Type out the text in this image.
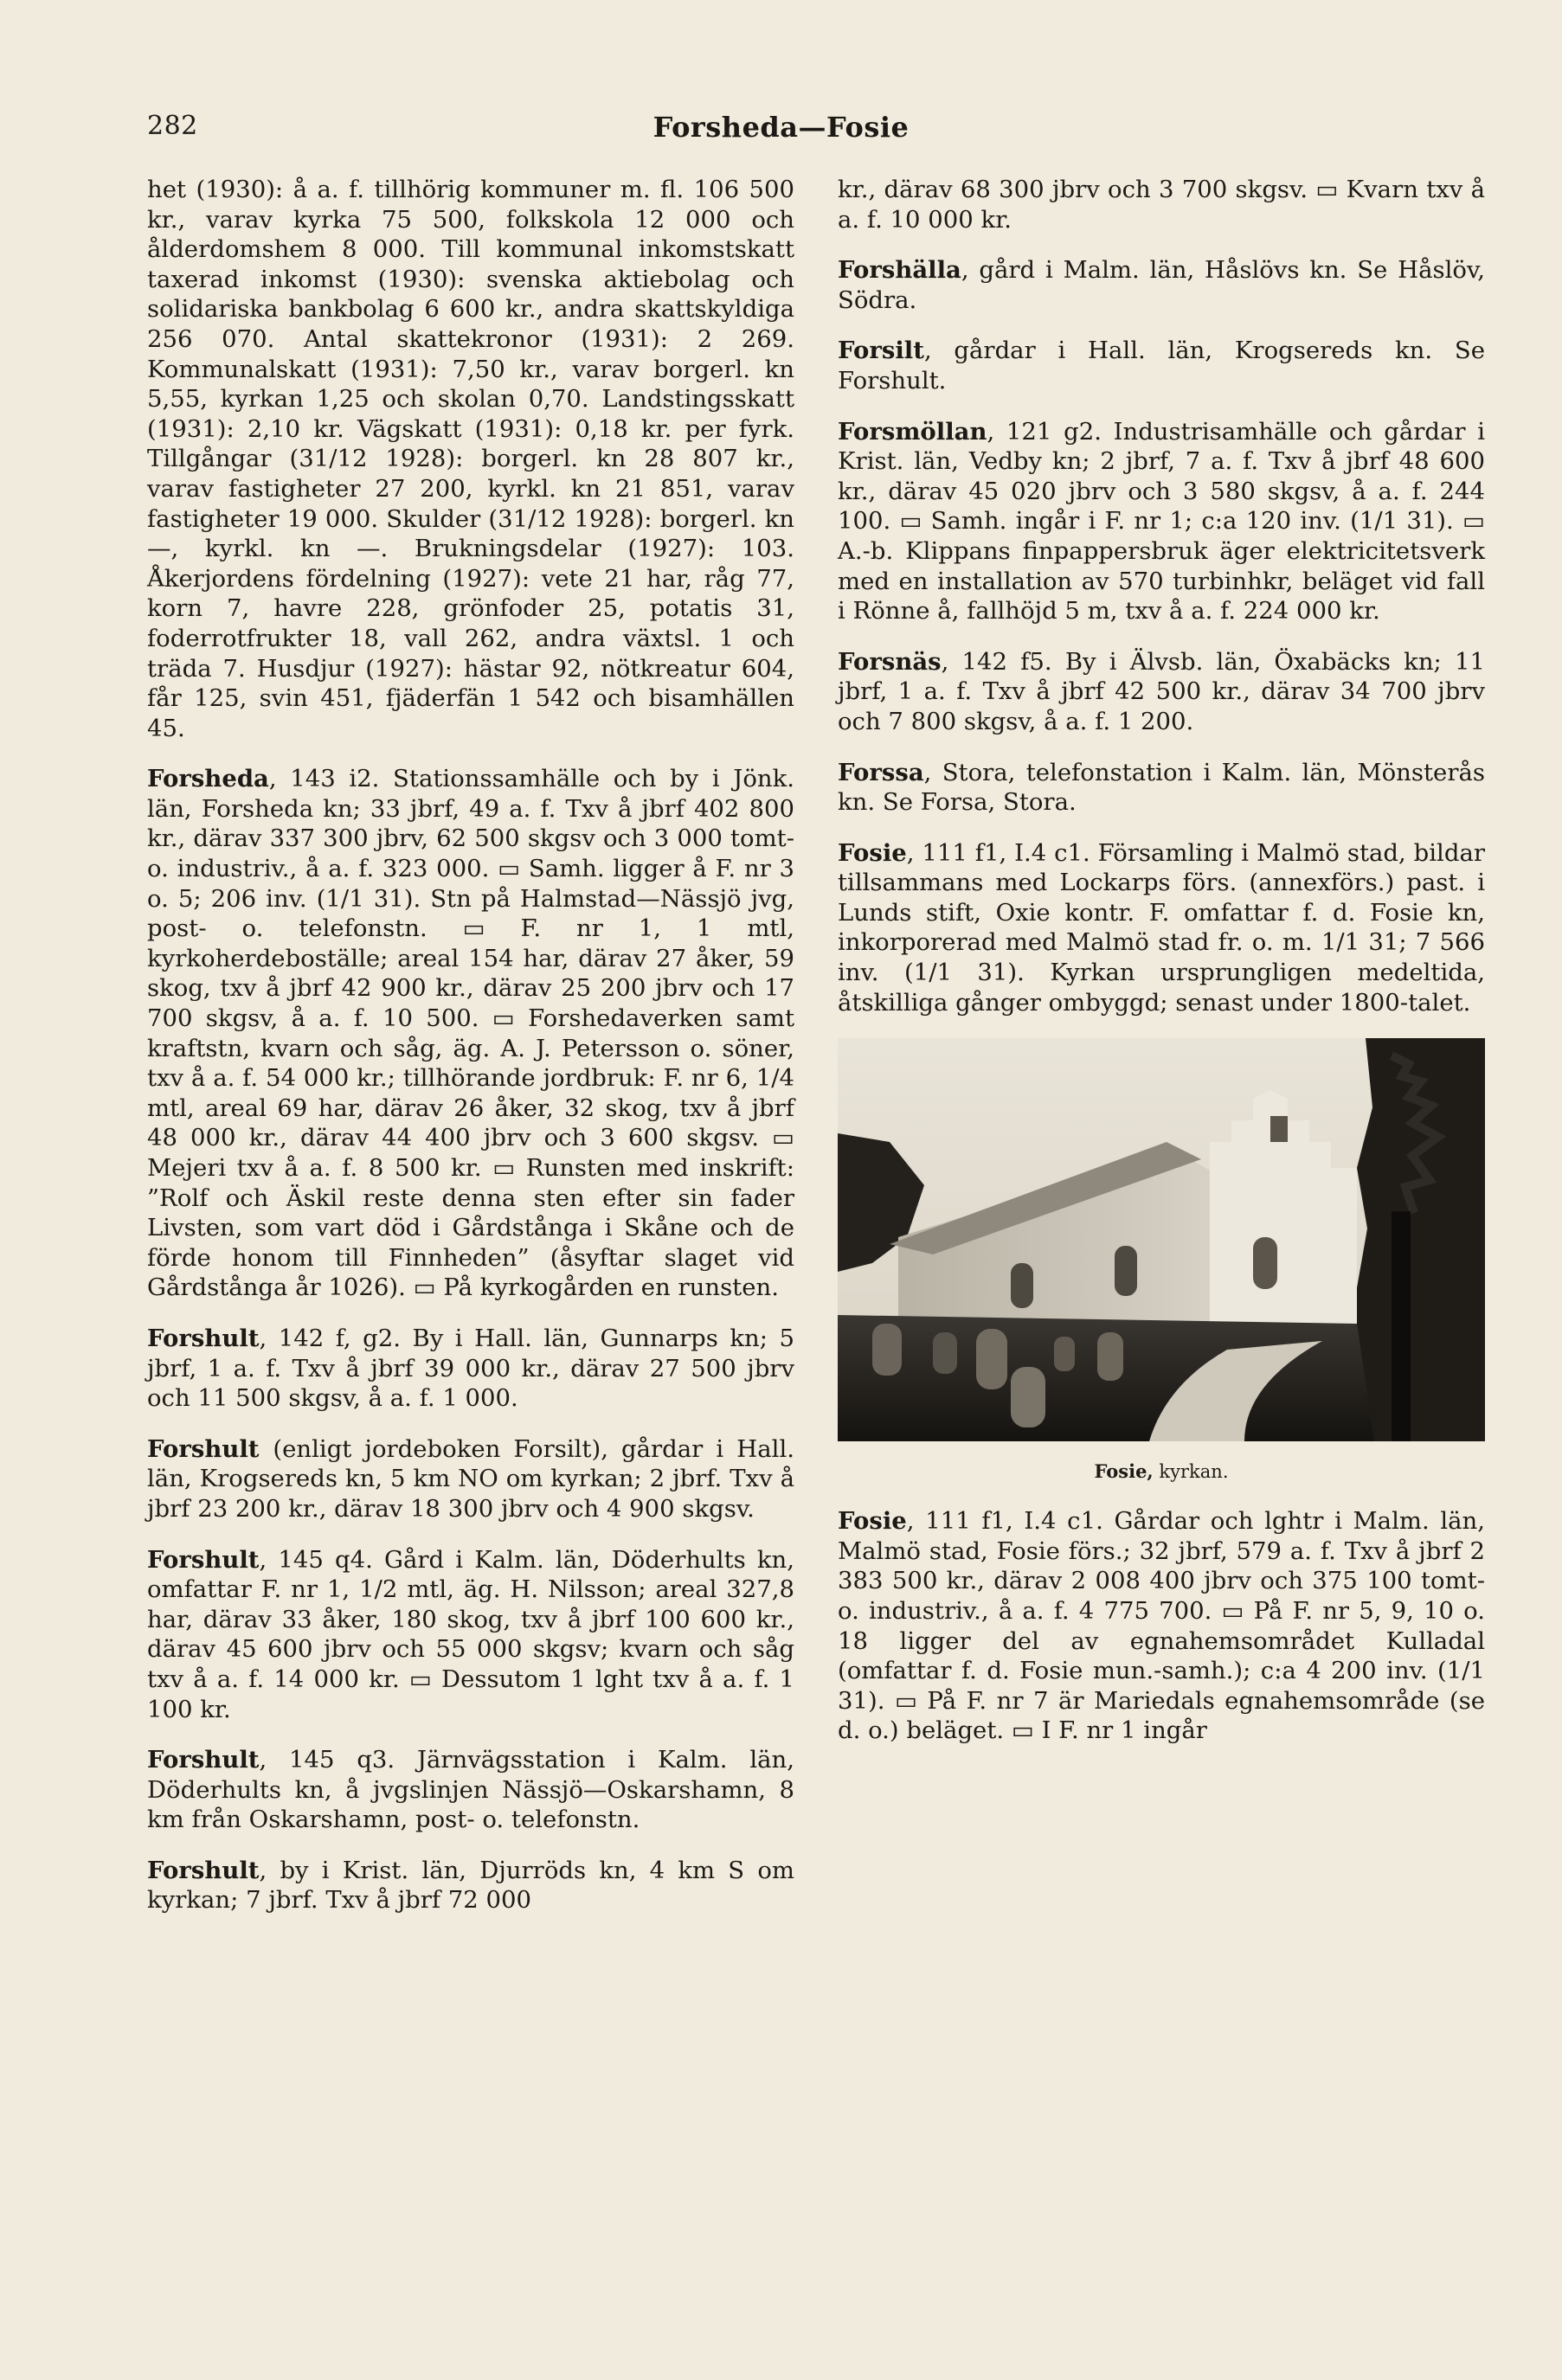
282	Forsheda—Fosie

het (1930): å a. f. tillhörig kommuner m. fl. 106 500 kr., varav kyrka 75 500, folkskola 12 000 och ålderdomshem 8 000. Till kommunal inkomstskatt taxerad inkomst (1930): svenska aktiebolag och solidariska bankbolag 6 600 kr., andra skattskyldiga 256 070. Antal skattekronor (1931): 2 269. Kommunalskatt (1931): 7,50 kr., varav borgerl. kn 5,55, kyrkan 1,25 och skolan 0,70. Landstingsskatt (1931): 2,10 kr. Vägskatt (1931): 0,18 kr. per fyrk. Tillgångar (31/12 1928): borgerl. kn 28 807 kr., varav fastigheter 27 200, kyrkl. kn 21 851, varav fastigheter 19 000. Skulder (31/12 1928): borgerl. kn —, kyrkl. kn —. Brukningsdelar (1927): 103. Åkerjordens fördelning (1927): vete 21 har, råg 77, korn 7, havre 228, grönfoder 25, potatis 31, foderrotfrukter 18, vall 262, andra växtsl. 1 och träda 7. Husdjur (1927): hästar 92, nötkreatur 604, får 125, svin 451, fjäderfän 1 542 och bisamhällen 45.

Forsheda, 143 i2. Stationssamhälle och by i Jönk. län, Forsheda kn; 33 jbrf, 49 a. f. Txv å jbrf 402 800 kr., därav 337 300 jbrv, 62 500 skgsv och 3 000 tomt- o. industriv., å a. f. 323 000. ▭ Samh. ligger å F. nr 3 o. 5; 206 inv. (1/1 31). Stn på Halmstad—Nässjö jvg, post- o. telefonstn. ▭ F. nr 1, 1 mtl, kyrkoherdeboställe; areal 154 har, därav 27 åker, 59 skog, txv å jbrf 42 900 kr., därav 25 200 jbrv och 17 700 skgsv, å a. f. 10 500. ▭ Forshedaverken samt kraftstn, kvarn och såg, äg. A. J. Petersson o. söner, txv å a. f. 54 000 kr.; tillhörande jordbruk: F. nr 6, 1/4 mtl, areal 69 har, därav 26 åker, 32 skog, txv å jbrf 48 000 kr., därav 44 400 jbrv och 3 600 skgsv. ▭ Mejeri txv å a. f. 8 500 kr. ▭ Runsten med inskrift: ”Rolf och Äskil reste denna sten efter sin fader Livsten, som vart död i Gårdstånga i Skåne och de förde honom till Finnheden” (åsyftar slaget vid Gårdstånga år 1026). ▭ På kyrkogården en runsten.

Forshult, 142 f, g2. By i Hall. län, Gunnarps kn; 5 jbrf, 1 a. f. Txv å jbrf 39 000 kr., därav 27 500 jbrv och 11 500 skgsv, å a. f. 1 000.

Forshult (enligt jordeboken Forsilt), gårdar i Hall. län, Krogsereds kn, 5 km NO om kyrkan; 2 jbrf. Txv å jbrf 23 200 kr., därav 18 300 jbrv och 4 900 skgsv.

Forshult, 145 q4. Gård i Kalm. län, Döderhults kn, omfattar F. nr 1, 1/2 mtl, äg. H. Nilsson; areal 327,8 har, därav 33 åker, 180 skog, txv å jbrf 100 600 kr., därav 45 600 jbrv och 55 000 skgsv; kvarn och såg txv å a. f. 14 000 kr. ▭ Dessutom 1 lght txv å a. f. 1 100 kr.

Forshult, 145 q3. Järnvägsstation i Kalm. län, Döderhults kn, å jvgslinjen Nässjö—Oskarshamn, 8 km från Oskarshamn, post- o. telefonstn.

Forshult, by i Krist. län, Djurröds kn, 4 km S om kyrkan; 7 jbrf. Txv å jbrf 72 000

kr., därav 68 300 jbrv och 3 700 skgsv. ▭ Kvarn txv å a. f. 10 000 kr.

Forshälla, gård i Malm. län, Håslövs kn. Se Håslöv, Södra.

Forsilt, gårdar i Hall. län, Krogsereds kn. Se Forshult.

Forsmöllan, 121 g2. Industrisamhälle och gårdar i Krist. län, Vedby kn; 2 jbrf, 7 a. f. Txv å jbrf 48 600 kr., därav 45 020 jbrv och 3 580 skgsv, å a. f. 244 100. ▭ Samh. ingår i F. nr 1; c:a 120 inv. (1/1 31). ▭ A.-b. Klippans finpappersbruk äger elektricitetsverk med en installation av 570 turbinhkr, beläget vid fall i Rönne å, fallhöjd 5 m, txv å a. f. 224 000 kr.

Forsnäs, 142 f5. By i Älvsb. län, Öxabäcks kn; 11 jbrf, 1 a. f. Txv å jbrf 42 500 kr., därav 34 700 jbrv och 7 800 skgsv, å a. f. 1 200.

Forssa, Stora, telefonstation i Kalm. län, Mönsterås kn. Se Forsa, Stora.

Fosie, 111 f1, I.4 c1. Församling i Malmö stad, bildar tillsammans med Lockarps förs. (annexförs.) past. i Lunds stift, Oxie kontr. F. omfattar f. d. Fosie kn, inkorporerad med Malmö stad fr. o. m. 1/1 31; 7 566 inv. (1/1 31). Kyrkan ursprungligen medeltida, åtskilliga gånger ombyggd; senast under 1800-talet.

Fosie, kyrkan.

Fosie, 111 f1, I.4 c1. Gårdar och lghtr i Malm. län, Malmö stad, Fosie förs.; 32 jbrf, 579 a. f. Txv å jbrf 2 383 500 kr., därav 2 008 400 jbrv och 375 100 tomt- o. industriv., å a. f. 4 775 700. ▭ På F. nr 5, 9, 10 o. 18 ligger del av egnahemsområdet Kulladal (omfattar f. d. Fosie mun.-samh.); c:a 4 200 inv. (1/1 31). ▭ På F. nr 7 är Mariedals egnahemsområde (se d. o.) beläget. ▭ I F. nr 1 ingår
